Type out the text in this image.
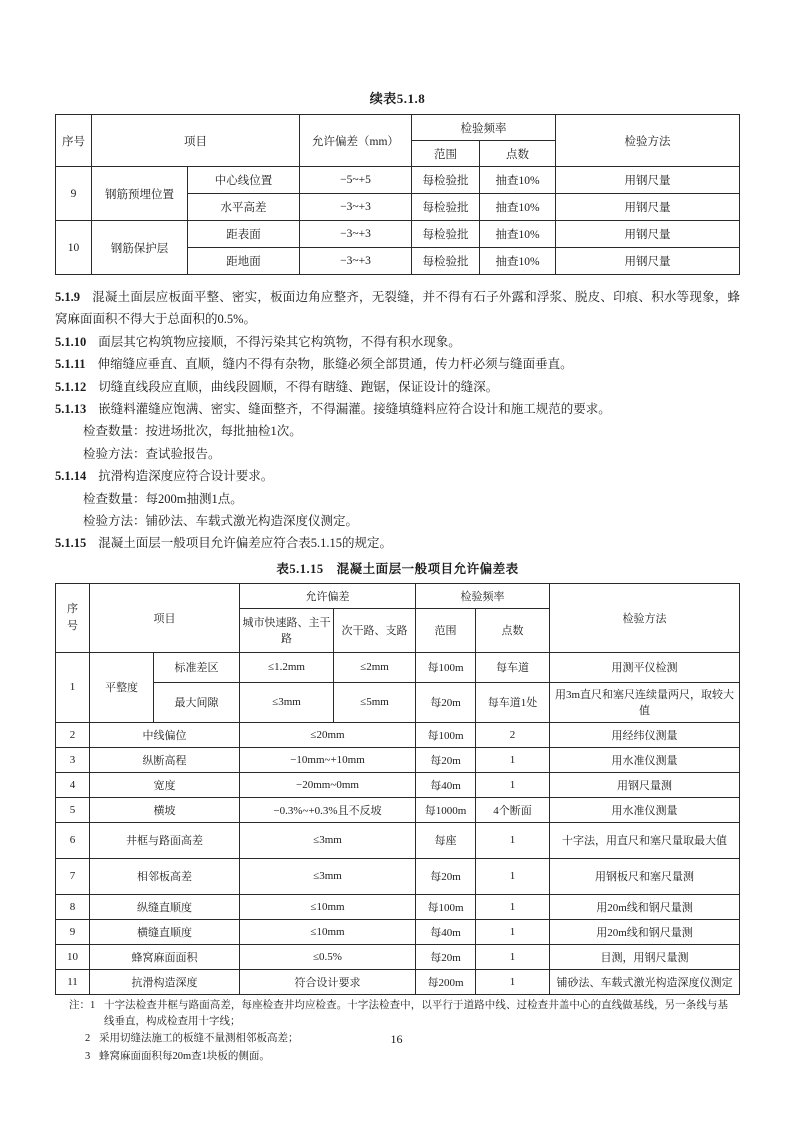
续表5.1.8
序号	项目		允许偏差（mm）	检验频率		检验方法
				范围	点数	
9	钢筋预埋位置	中心线位置	−5~+5	每检验批	抽查10%	用钢尺量
		水平高差	−3~+3	每检验批	抽查10%	用钢尺量
10	钢筋保护层	距表面	−3~+3	每检验批	抽查10%	用钢尺量
		距地面	−3~+3	每检验批	抽查10%	用钢尺量

5.1.9 混凝土面层应板面平整、密实，板面边角应整齐，无裂缝，并不得有石子外露和浮浆、脱皮、印痕、积水等现象，蜂窝麻面面积不得大于总面积的0.5%。

5.1.10 面层其它构筑物应接顺，不得污染其它构筑物，不得有积水现象。

5.1.11 伸缩缝应垂直、直顺，缝内不得有杂物，胀缝必须全部贯通，传力杆必须与缝面垂直。

5.1.12 切缝直线段应直顺，曲线段圆顺，不得有瞎缝、跑锯，保证设计的缝深。

5.1.13 嵌缝料灌缝应饱满、密实、缝面整齐，不得漏灌。接缝填缝料应符合设计和施工规范的要求。

检查数量：按进场批次，每批抽检1次。

检验方法：查试验报告。

5.1.14 抗滑构造深度应符合设计要求。

检查数量：每200m抽测1点。

检验方法：铺砂法、车载式激光构造深度仪测定。

5.1.15 混凝土面层一般项目允许偏差应符合表5.1.15的规定。

表5.1.15　混凝土面层一般项目允许偏差表
序号	项目		允许偏差		检验频率		检验方法
			城市快速路、主干路	次干路、支路	范围	点数	
1	平整度	标准差区	≤1.2mm	≤2mm	每100m	每车道	用测平仪检测
		最大间隙	≤3mm	≤5mm	每20m	每车道1处	用3m直尺和塞尺连续量两尺，取较大值
2	中线偏位		≤20mm		每100m	2	用经纬仪测量
3	纵断高程		−10mm~+10mm		每20m	1	用水准仪测量
4	宽度		−20mm~0mm		每40m	1	用钢尺量测
5	横坡		−0.3%~+0.3%且不反坡		每1000m	4个断面	用水准仪测量
6	井框与路面高差		≤3mm		每座	1	十字法，用直尺和塞尺量取最大值
7	相邻板高差		≤3mm		每20m	1	用钢板尺和塞尺量测
8	纵缝直顺度		≤10mm		每100m	1	用20m线和钢尺量测
9	横缝直顺度		≤10mm		每40m	1	用20m线和钢尺量测
10	蜂窝麻面面积		≤0.5%		每20m	1	目测，用钢尺量测
11	抗滑构造深度		符合设计要求		每200m	1	铺砂法、车载式激光构造深度仪测定
注： 1 十字法检查井框与路面高差，每座检查井均应检查。十字法检查中，以平行于道路中线、过检查井盖中心的直线做基线，另一条线与基线垂直，构成检查用十字线；
2 采用切缝法施工的板缝不量测相邻板高差；
3 蜂窝麻面面积每20m查1块板的侧面。
16
